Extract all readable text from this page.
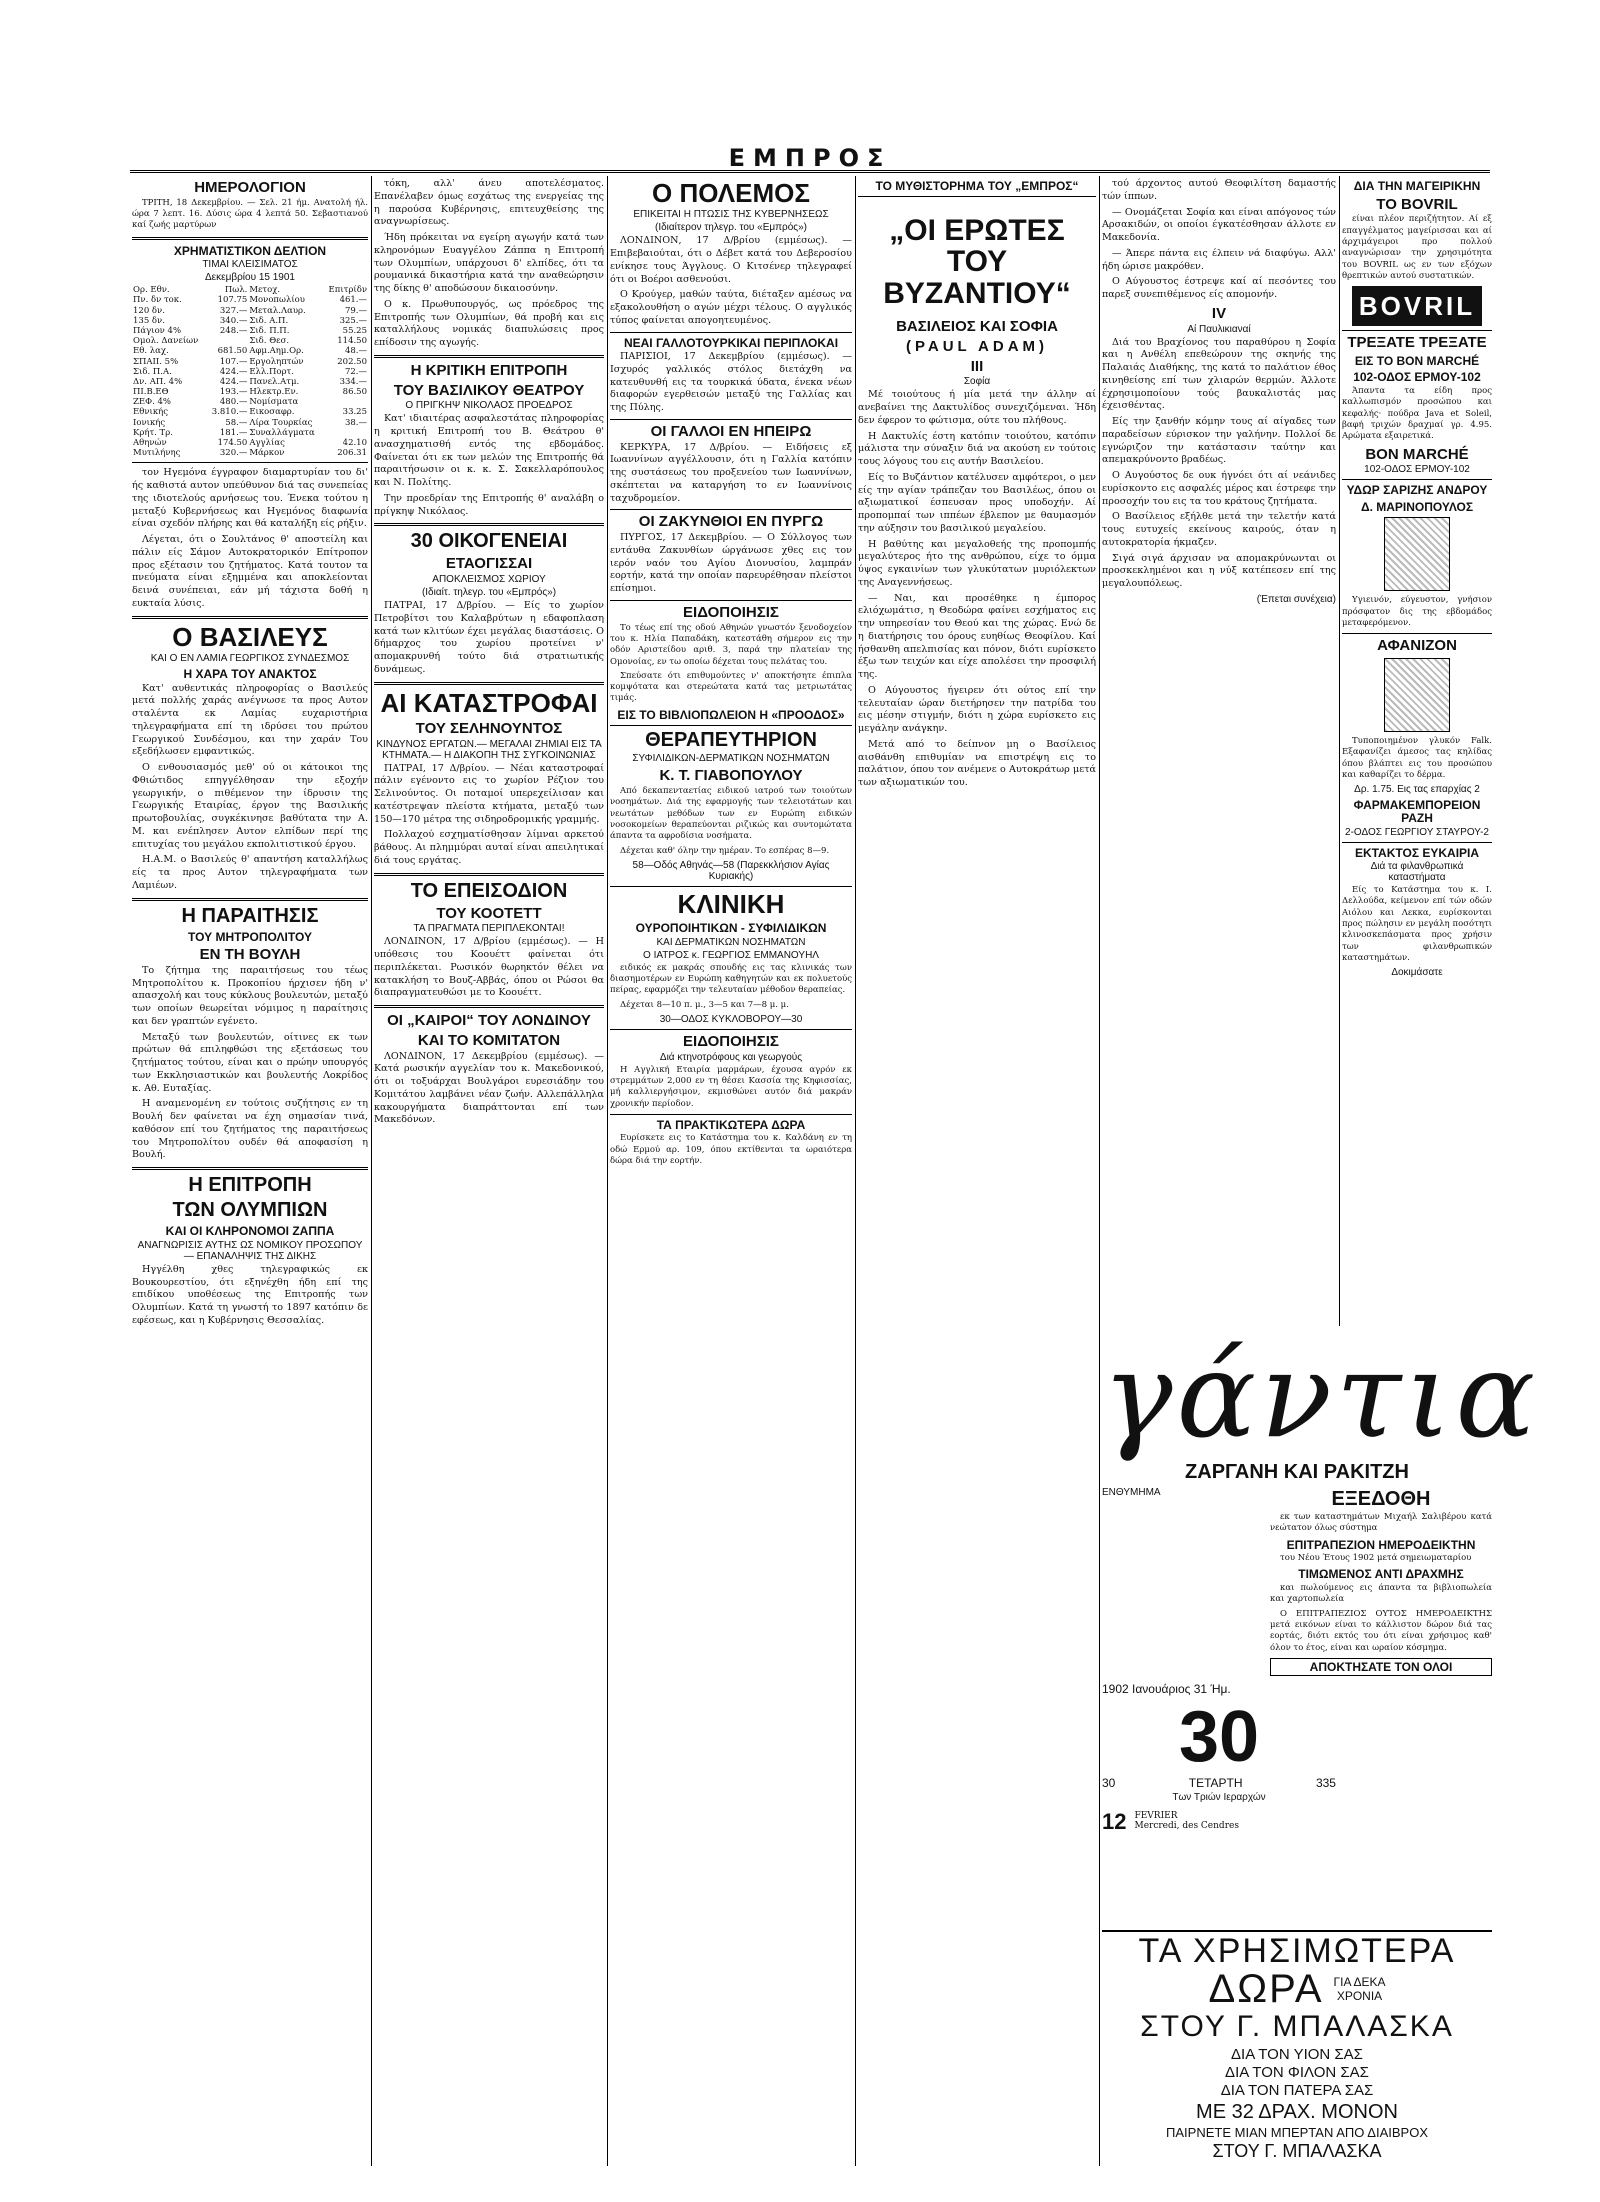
ΕΜΠΡΟΣ
ΗΜΕΡΟΛΟΓΙΟΝ
ΤΡΙΤΗ, 18 Δεκεμβρίου. — Σελ. 21 ήμ. Ανατολή ήλ. ώρα 7 λεπτ. 16. Δύσις ώρα 4 λεπτά 50. Σεβαστιανού καί ζωής μαρτύρων
ΧΡΗΜΑΤΙΣΤΙΚΟΝ ΔΕΛΤΙΟΝ
ΤΙΜΑΙ ΚΛΕΙΣΙΜΑΤΟΣ
Δεκεμβρίου 15 1901
Ορ. Εθν.	Πωλ.	Μετοχ.	Επιτρίδν
Πν. δν τοκ.	107.75	Μονοπωλίου	461.—
120 δν.	327.—	Μεταλ.Λαυρ.	79.—
135 δν.	340.—	Σιδ. Α.Π.	325.—
Πάγιον 4%	248.—	Σιδ. Π.Π.	55.25
Ομολ. Δανείων		Σιδ. Θεσ.	114.50
Εθ. λαχ.	681.50	Αφμ.Αημ.Ορ.	48.—
ΣΠΑΙΙ. 5%	107.—	Εργοληπτών	202.50
Σιδ. Π.Α.	424.—	Ελλ.Πορτ.	72.—
Δν. ΑΠ. 4%	424.—	Πανελ.Ατμ.	334.—
ΠΙ.Β.ΕΘ	193.—	Ηλεκτρ.Εν.	86.50
ΖΕΦ. 4%	480.—	Νομίσματα	
Εθνικής	3.810.—	Εικοσαφρ.	33.25
Ιονικής	58.—	Λίρα Τουρκίας	38.—
Κρήτ. Τρ.	181.—	Συναλλάγματα	
Αθηνών	174.50	Αγγλίας	42.10
Μυτιλήνης	320.—	Μάρκον	206.31
τον Ηγεμόνα έγγραφον διαμαρτυρίαν του δι' ής καθιστά αυτον υπεύθυνον διά τας συνεπείας της ιδιοτελούς αρνήσεως του. Ένεκα τούτου η μεταξύ Κυβερνήσεως και Ηγεμόνος διαφωνία είναι σχεδόν πλήρης και θά καταλήξη είς ρήξιν.
Λέγεται, ότι ο Σουλτάνος θ' αποστείλη και πάλιν είς Σάμον Αυτοκρατορικόν Επίτροπον προς εξέτασιν του ζητήματος. Κατά τουτον τα πνεύματα είναι εξημμένα και αποκλείονται δεινά συνέπειαι, εάν μή τάχιστα δοθή η ευκταία λύσις.
Ο ΒΑΣΙΛΕΥΣ
ΚΑΙ Ο ΕΝ ΛΑΜΙΑ ΓΕΩΡΓΙΚΟΣ ΣΥΝΔΕΣΜΟΣ
Η ΧΑΡΑ ΤΟΥ ΑΝΑΚΤΟΣ
Κατ' αυθεντικάς πληροφορίας ο Βασιλεύς μετά πολλής χαράς ανέγνωσε τα προς Αυτον σταλέντα εκ Λαμίας ευχαριστήρια τηλεγραφήματα επί τη ιδρύσει του πρώτου Γεωργικού Συνδέσμου, και την χαράν Του εξεδήλωσεν εμφαντικώς.
Ο ενθουσιασμός μεθ' ού οι κάτοικοι της Φθιώτιδος επηγγέλθησαν την εξοχήν γεωργικήν, ο πιθέμενον την ίδρυσιν της Γεωργικής Εταιρίας, έργον της Βασιλικής πρωτοβουλίας, συγκέκινησε βαθύτατα την Α. Μ. και ενέπλησεν Αυτον ελπίδων περί της επιτυχίας του μεγάλου εκπολιτιστικού έργου.
Η.Α.Μ. ο Βασιλεύς θ' απαντήση καταλλήλως είς τα προς Αυτον τηλεγραφήματα των Λαμιέων.
Η ΠΑΡΑΙΤΗΣΙΣ
ΤΟΥ ΜΗΤΡΟΠΟΛΙΤΟΥ
ΕΝ ΤΗ ΒΟΥΛΗ
Το ζήτημα της παραιτήσεως του τέως Μητροπολίτου κ. Προκοπίου ήρχισεν ήδη ν' απασχολή και τους κύκλους βουλευτών, μεταξύ των οποίων θεωρείται νόμιμος η παραίτησις και δεν γραπτών εγένετο.
Μεταξύ των βουλευτών, οίτινες εκ των πρώτων θά επιληφθώσι της εξετάσεως του ζητήματος τούτου, είναι και ο πρώην υπουργός των Εκκλησιαστικών και βουλευτής Λοκρίδος κ. Αθ. Ευταξίας.
Η αναμενομένη εν τούτοις συζήτησις εν τη Βουλή δεν φαίνεται να έχη σημασίαν τινά, καθόσον επί του ζητήματος της παραιτήσεως του Μητροπολίτου ουδέν θά αποφασίση η Βουλή.
Η ΕΠΙΤΡΟΠΗ
ΤΩΝ ΟΛΥΜΠΙΩΝ
ΚΑΙ ΟΙ ΚΛΗΡΟΝΟΜΟΙ ΖΑΠΠΑ
ΑΝΑΓΝΩΡΙΣΙΣ ΑΥΤΗΣ ΩΣ ΝΟΜΙΚΟΥ ΠΡΟΣΩΠΟΥ — ΕΠΑΝΑΛΗΨΙΣ ΤΗΣ ΔΙΚΗΣ
Ηγγέλθη χθες τηλεγραφικώς εκ Βουκουρεστίου, ότι εξηνέχθη ήδη επί της επιδίκου υποθέσεως της Επιτροπής των Ολυμπίων. Κατά τη γνωστή το 1897 κατόπιν δε εφέσεως, και η Κυβέρνησις Θεσσαλίας.
τόκη, αλλ' άνευ αποτελέσματος. Επανέλαβεν όμως εσχάτως της ενεργείας της η παρούσα Κυβέρνησις, επιτευχθείσης της αναγνωρίσεως.
Ήδη πρόκειται να εγείρη αγωγήν κατά των κληρονόμων Ευαγγέλου Ζάππα η Επιτροπή των Ολυμπίων, υπάρχουσι δ' ελπίδες, ότι τα ρουμανικά δικαστήρια κατά την αναθεώρησιν της δίκης θ' αποδώσουν δικαιοσύνην.
Ο κ. Πρωθυπουργός, ως πρόεδρος της Επιτροπής των Ολυμπίων, θά προβή και εις καταλλήλους νομικάς διαπυλώσεις προς επίδοσιν της αγωγής.
Η ΚΡΙΤΙΚΗ ΕΠΙΤΡΟΠΗ
ΤΟΥ ΒΑΣΙΛΙΚΟΥ ΘΕΑΤΡΟΥ
Ο ΠΡΙΓΚΗΨ ΝΙΚΟΛΑΟΣ ΠΡΟΕΔΡΟΣ
Κατ' ιδιαιτέρας ασφαλεστάτας πληροφορίας η κριτική Επιτροπή του Β. Θεάτρου θ' ανασχηματισθή εντός της εβδομάδος. Φαίνεται ότι εκ των μελών της Επιτροπής θά παραιτήσωσιν οι κ. κ. Σ. Σακελλαρόπουλος και Ν. Πολίτης.
Την προεδρίαν της Επιτροπής θ' αναλάβη ο πρίγκηψ Νικόλαος.
30 ΟΙΚΟΓΕΝΕΙΑΙ
ΕΤΑΟΓΙΣΣΑΙ
ΑΠΟΚΛΕΙΣΜΟΣ ΧΩΡΙΟΥ
(Ιδιαίτ. τηλεγρ. του «Εμπρός»)
ΠΑΤΡΑΙ, 17 Δ/βρίου. — Είς το χωρίον Πετροβίτσι του Καλαβρύτων η εδαφοπλαση κατά των κλιτύων έχει μεγάλας διαστάσεις. Ο δήμαρχος του χωρίου προτείνει ν' απομακρυνθή τούτο διά στρατιωτικής δυνάμεως.
ΑΙ ΚΑΤΑΣΤΡΟΦΑΙ
ΤΟΥ ΣΕΛΗΝΟΥΝΤΟΣ
ΚΙΝΔΥΝΟΣ ΕΡΓΑΤΩΝ.— ΜΕΓΑΛΑΙ ΖΗΜΙΑΙ ΕΙΣ ΤΑ ΚΤΗΜΑΤΑ.— Η ΔΙΑΚΟΠΗ ΤΗΣ ΣΥΓΚΟΙΝΩΝΙΑΣ
ΠΑΤΡΑΙ, 17 Δ/βρίου. — Νέαι καταστροφαί πάλιν εγένοντο εις το χωρίον Ρέζιον του Σελινούντος. Οι ποταμοί υπερεχείλισαν και κατέστρεψαν πλείστα κτήματα, μεταξύ των 150—170 μέτρα της σιδηροδρομικής γραμμής.
Πολλαχού εσχηματίσθησαν λίμναι αρκετού βάθους. Αι πλημμύραι αυταί είναι απειλητικαί διά τους εργάτας.
ΤΟ ΕΠΕΙΣΟΔΙΟΝ
ΤΟΥ ΚΟΟΤΕΤΤ
ΤΑ ΠΡΑΓΜΑΤΑ ΠΕΡΙΠΛΕΚΟΝΤΑΙ!
ΛΟΝΔΙΝΟΝ, 17 Δ/βρίου (εμμέσως). — Η υπόθεσις του Κοουέττ φαίνεται ότι περιπλέκεται. Ρωσικόν θωρηκτόν θέλει να κατακλήση το Βουζ-Αββάς, όπου οι Ρώσοι θα διαπραγματευθώσι με το Κοουέττ.
ΟΙ „ΚΑΙΡΟΙ“ ΤΟΥ ΛΟΝΔΙΝΟΥ
ΚΑΙ ΤΟ ΚΟΜΙΤΑΤΟΝ
ΛΟΝΔΙΝΟΝ, 17 Δεκεμβρίου (εμμέσως). — Κατά ρωσικήν αγγελίαν του κ. Μακεδονικού, ότι οι τοξυάρχαι Βουλγάροι ευρεσιάδην του Κομιτάτου λαμβάνει νέαν ζωήν. Αλλεπάλληλα κακουργήματα διαπράττονται επί των Μακεδόνων.
Ο ΠΟΛΕΜΟΣ
ΕΠΙΚΕΙΤΑΙ Η ΠΤΩΣΙΣ ΤΗΣ ΚΥΒΕΡΝΗΣΕΩΣ
(Ιδιαίτερον τηλεγρ. του «Εμπρός»)
ΛΟΝΔΙΝΟΝ, 17 Δ/βρίου (εμμέσως). — Επιβεβαιούται, ότι ο Δέβετ κατά του Δεβεροσίου ενίκησε τους Άγγλους. Ο Κιτσένερ τηλεγραφεί ότι οι Βοέροι ασθενούσι.
Ο Κρούγερ, μαθών ταύτα, διέταξεν αμέσως να εξακολουθήση ο αγών μέχρι τέλους. Ο αγγλικός τύπος φαίνεται απογοητευμένος.
ΝΕΑΙ ΓΑΛΛΟΤΟΥΡΚΙΚΑΙ ΠΕΡΙΠΛΟΚΑΙ
ΠΑΡΙΣΙΟΙ, 17 Δεκεμβρίου (εμμέσως). — Ισχυρός γαλλικός στόλος διετάχθη να κατευθυνθή εις τα τουρκικά ύδατα, ένεκα νέων διαφορών εγερθεισών μεταξύ της Γαλλίας και της Πύλης.
ΟΙ ΓΑΛΛΟΙ ΕΝ ΗΠΕΙΡΩ
ΚΕΡΚΥΡΑ, 17 Δ/βρίου. — Ειδήσεις εξ Ιωαννίνων αγγέλλουσιν, ότι η Γαλλία κατόπιν της συστάσεως του προξενείου των Ιωαννίνων, σκέπτεται να καταργήση το εν Ιωαννίνοις ταχυδρομείον.
ΟΙ ΖΑΚΥΝΘΙΟΙ ΕΝ ΠΥΡΓΩ
ΠΥΡΓΟΣ, 17 Δεκεμβρίου. — Ο Σύλλογος των εντάυθα Ζακυνθίων ώργάνωσε χθες εις τον ιερόν ναόν του Αγίου Διονυσίου, λαμπράν εορτήν, κατά την οποίαν παρευρέθησαν πλείστοι επίσημοι.
ΕΙΔΟΠΟΙΗΣΙΣ
Το τέως επί της οδού Αθηνών γνωστόν ξενοδοχείον του κ. Ηλία Παπαδάκη, κατεστάθη σήμερον εις την οδόν Αριστείδου αριθ. 3, παρά την πλατείαν της Ομονοίας, εν τω οποίω δέχεται τους πελάτας του.
Σπεύσατε ότι επιθυμούντες ν' αποκτήσητε έπιπλα κομψότατα και στερεώτατα κατά τας μετριωτάτας τιμάς.
ΕΙΣ ΤΟ ΒΙΒΛΙΟΠΩΛΕΙΟΝ Η «ΠΡΟΟΔΟΣ»
ΘΕΡΑΠΕΥΤΗΡΙΟΝ
ΣΥΦΙΛΙΔΙΚΩΝ-ΔΕΡΜΑΤΙΚΩΝ ΝΟΣΗΜΑΤΩΝ
Κ. Τ. ΓΙΑΒΟΠΟΥΛΟΥ
Από δεκαπενταετίας ειδικού ιατρού των τοιούτων νοσημάτων. Διά της εφαρμογής των τελειοτάτων και νεωτάτων μεθόδων των εν Ευρώπη ειδικών νοσοκομείων θεραπεύονται ριζικώς και συντομώτατα άπαντα τα αφροδίσια νοσήματα.
Δέχεται καθ' όλην την ημέραν. Το εσπέρας 8—9.
58—Οδός Αθηνάς—58 (Παρεκκλήσιον Αγίας Κυριακής)
ΚΛΙΝΙΚΗ
ΟΥΡΟΠΟΙΗΤΙΚΩΝ - ΣΥΦΙΛΙΔΙΚΩΝ
ΚΑΙ ΔΕΡΜΑΤΙΚΩΝ ΝΟΣΗΜΑΤΩΝ
Ο ΙΑΤΡΟΣ κ. ΓΕΩΡΓΙΟΣ ΕΜΜΑΝΟΥΗΛ
ειδικός εκ μακράς σπουδής εις τας κλινικάς των διασημοτέρων εν Ευρώπη καθηγητών και εκ πολυετούς πείρας, εφαρμόζει την τελευταίαν μέθοδον θεραπείας.
Δέχεται 8—10 π. μ., 3—5 και 7—8 μ. μ.
30—ΟΔΟΣ ΚΥΚΛΟΒΟΡΟΥ—30
ΕΙΔΟΠΟΙΗΣΙΣ
Διά κτηνοτρόφους και γεωργούς
Η Αγγλική Εταιρία μαρμάρων, έχουσα αγρόν εκ στρεμμάτων 2,000 εν τη θέσει Κασσία της Κηφισσίας, μή καλλιεργήσιμον, εκμισθώνει αυτόν διά μακράν χρονικήν περίοδον.
ΤΑ ΠΡΑΚΤΙΚΩΤΕΡΑ ΔΩΡΑ
Ευρίσκετε εις το Κατάστημα του κ. Καλδάνη εν τη οδώ Ερμού αρ. 109, όπου εκτίθενται τα ωραιότερα δώρα διά την εορτήν.
ΤΟ ΜΥΘΙΣΤΟΡΗΜΑ ΤΟΥ „ΕΜΠΡΟΣ“
„ΟΙ ΕΡΩΤΕΣ ΤΟΥ ΒΥΖΑΝΤΙΟΥ“
ΒΑΣΙΛΕΙΟΣ ΚΑΙ ΣΟΦΙΑ
(PAUL ADAM)
ΙΙΙ
Σοφία
Μέ τοιούτους ή μία μετά την άλλην αί ανεβαίνει της Δακτυλίδος συνεχιζόμεναι. Ήδη δεν έφερον το φώτισμα, ούτε του πλήθους.
Η Δακτυλίς έστη κατόπιν τοιούτου, κατόπιν μάλιστα την σύναξιν διά να ακούση εν τούτοις τους λόγους του εις αυτήν Βασιλείου.
Είς το Βυζάντιον κατέλυσεν αμφότεροι, ο μεν είς την αγίαν τράπεζαν του Βασιλέως, όπου οι αξιωματικοί έσπευσαν προς υποδοχήν. Αί προπομπαί των ιππέων έβλεπον με θαυμασμόν την αύξησιν του βασιλικού μεγαλείου.
Η βαθύτης και μεγαλοθεής της προπομπής μεγαλύτερος ήτο της ανθρώπου, είχε το όμμα ύψος εγκαινίων των γλυκύτατων μυριόλεκτων της Αναγεννήσεως.
— Ναι, και προσέθηκε η έμπορος ελιόχωμάτισ, η Θεοδώρα φαίνει εσχήματος εις την υπηρεσίαν του Θεού και της χώρας. Ενώ δε η διατήρησις του όρους ευηθίως Θεοφίλου. Καί ήσθανθη απελπισίας και πόνον, διότι ευρίσκετο έξω των τειχών και είχε απολέσει την προσφιλή της.
Ο Αύγουστος ήγειρεν ότι ούτος επί την τελευταίαν ώραν διετήρησεν την πατρίδα του εις μέσην στιγμήν, διότι η χώρα ευρίσκετο εις μεγάλην ανάγκην.
Μετά από το δείπνον μη ο Βασίλειος αισθάνθη επιθυμίαν να επιστρέψη εις το παλάτιον, όπου τον ανέμενε ο Αυτοκράτωρ μετά των αξιωματικών του.
τού άρχοντος αυτού Θεοφιλίτση δαμαστής τών ίππων.
— Ονομάζεται Σοφία και είναι απόγονος τών Αρσακιδών, οι οποίοι έγκατέσθησαν άλλοτε εν Μακεδονία.
— Άπερε πάντα εις έλπειν νά διαφύγω. Αλλ' ήδη ώρισε μακρόθεν.
Ο Αύγουστος έστρεψε καί αί πεσόντες του παρεξ συνεπιθέμενος είς απομονήν.
IV
Αί Παυλικιαναί
Διά του Βραχίονος του παραθύρου η Σοφία και η Ανθέλη επεθεώρουν της σκηνής της Παλαιάς Διαθήκης, της κατά το παλάτιον έθος κινηθείσης επί των χλιαρών θερμών. Άλλοτε έχρησιμοποίουν τούς βαυκαλιστάς μας έχεισθέντας.
Είς την ξανθήν κόμην τους αί αίγαδες των παραδείσων εύρισκον την γαλήνην. Πολλοί δε εγνώριζον την κατάστασιν ταύτην και απεμακρύνοντο βραδέως.
Ο Αυγούστος δε ουκ ήγνόει ότι αί νεάνιδες ευρίσκοντο εις ασφαλές μέρος και έστρεφε την προσοχήν του εις τα του κράτους ζητήματα.
Ο Βασίλειος εξήλθε μετά την τελετήν κατά τους ευτυχείς εκείνους καιρούς, όταν η αυτοκρατορία ήκμαζεν.
Σιγά σιγά άρχισαν να απομακρύνωνται οι προσκεκλημένοι και η νύξ κατέπεσεν επί της μεγαλουπόλεως.
(Έπεται συνέχεια)
ΔΙΑ ΤΗΝ ΜΑΓΕΙΡΙΚΗΝ
ΤΟ BOVRIL
είναι πλέον περιζήτητον. Αί εξ επαγγέλματος μαγείρισσαι και αί άρχιμάγειροι προ πολλού αναγνώρισαν την χρησιμότητα του BOVRIL ως εν των εξόχων θρεπτικών αυτού συστατικών.
BOVRIL
ΤΡΕΞΑΤΕ ΤΡΕΞΑΤΕ
ΕΙΣ ΤΟ BON MARCHÉ
102-ΟΔΟΣ ΕΡΜΟΥ-102
Άπαντα τα είδη προς καλλωπισμόν προσώπου και κεφαλής· πούδρα Java et Soleil, βαφή τριχών δραχμαί γρ. 4.95. Αρώματα εξαιρετικά.
BON MARCHÉ
102-ΟΔΟΣ ΕΡΜΟΥ-102
ΥΔΩΡ ΣΑΡΙΖΗΣ ΑΝΔΡΟΥ
Δ. ΜΑΡΙΝΟΠΟΥΛΟΣ
Υγιεινόν, εύγευστον, γνήσιον πρόσφατον δις της εβδομάδος μεταφερόμενον.
ΑΦΑΝΙΖΟΝ
Τυποποιημένον γλυκόν Falk. Εξαφανίζει άμεσος τας κηλίδας όπου βλάπτει εις του προσώπου και καθαρίζει το δέρμα.
Δρ. 1.75. Εις τας επαρχίας 2
ΦΑΡΜΑΚΕΜΠΟΡΕΙΟΝ ΡΑΖΗ
2-ΟΔΟΣ ΓΕΩΡΓΙΟΥ ΣΤΑΥΡΟΥ-2
ΕΚΤΑΚΤΟΣ ΕΥΚΑΙΡΙΑ
Διά τα φιλανθρωπικά καταστήματα
Είς το Κατάστημα του κ. Ι. Δελλούδα, κείμενον επί τών οδών Αιόλου και Λεκκα, ευρίσκονται προς πώλησιν εν μεγάλη ποσότητι κλινοσκεπάσματα προς χρήσιν των φιλανθρωπικών καταστημάτων.
Δοκιμάσατε
γάντια
ΖΑΡΓΑΝΗ ΚΑΙ ΡΑΚΙΤΖΗ
ΕΝΘΥΜΗΜΑ	ΕΞΕΔΟΘΗ
εκ των καταστημάτων Μιχαήλ Σαλιβέρου κατά νεώτατον όλως σύστημα
ΕΠΙΤΡΑΠΕΖΙΟΝ ΗΜΕΡΟΔΕΙΚΤΗΝ
του Νέου Έτους 1902 μετά σημειωματαρίου
ΤΙΜΩΜΕΝΟΣ ΑΝΤΙ ΔΡΑΧΜΗΣ
και πωλούμενος εις άπαντα τα βιβλιοπωλεία και χαρτοπωλεία
Ο ΕΠΙΤΡΑΠΕΖΙΟΣ ΟΥΤΟΣ ΗΜΕΡΟΔΕΙΚΤΗΣ μετά εικόνων είναι το κάλλιστον δώρον διά τας εορτάς, διότι εκτός του ότι είναι χρήσιμος καθ' όλον το έτος, είναι και ωραίον κόσμημα.
ΑΠΟΚΤΗΣΑΤΕ ΤΟΝ ΟΛΟΙ
1902 Ιανουάριος 31 Ήμ.
30
30	ΤΕΤΑΡΤΗ	335
Των Τριών Ιεραρχών
12 FEVRIER
Mercredi, des Cendres
ΤΑ ΧΡΗΣΙΜΩΤΕΡΑ
ΔΩΡΑ ΓΙΑ ΔΕΚΑ
ΧΡΟΝΙΑ
ΣΤΟΥ Γ. ΜΠΑΛΑΣΚΑ
ΔΙΑ ΤΟΝ ΥΙΟΝ ΣΑΣ
ΔΙΑ ΤΟΝ ΦΙΛΟΝ ΣΑΣ
ΔΙΑ ΤΟΝ ΠΑΤΕΡΑ ΣΑΣ
ΜΕ 32 ΔΡΑΧ. ΜΟΝΟΝ
ΠΑΙΡΝΕΤΕ ΜΙΑΝ ΜΠΕΡΤΑΝ ΑΠΟ ΔΙΑΙΒΡΟΧ
ΣΤΟΥ Γ. ΜΠΑΛΑΣΚΑ
